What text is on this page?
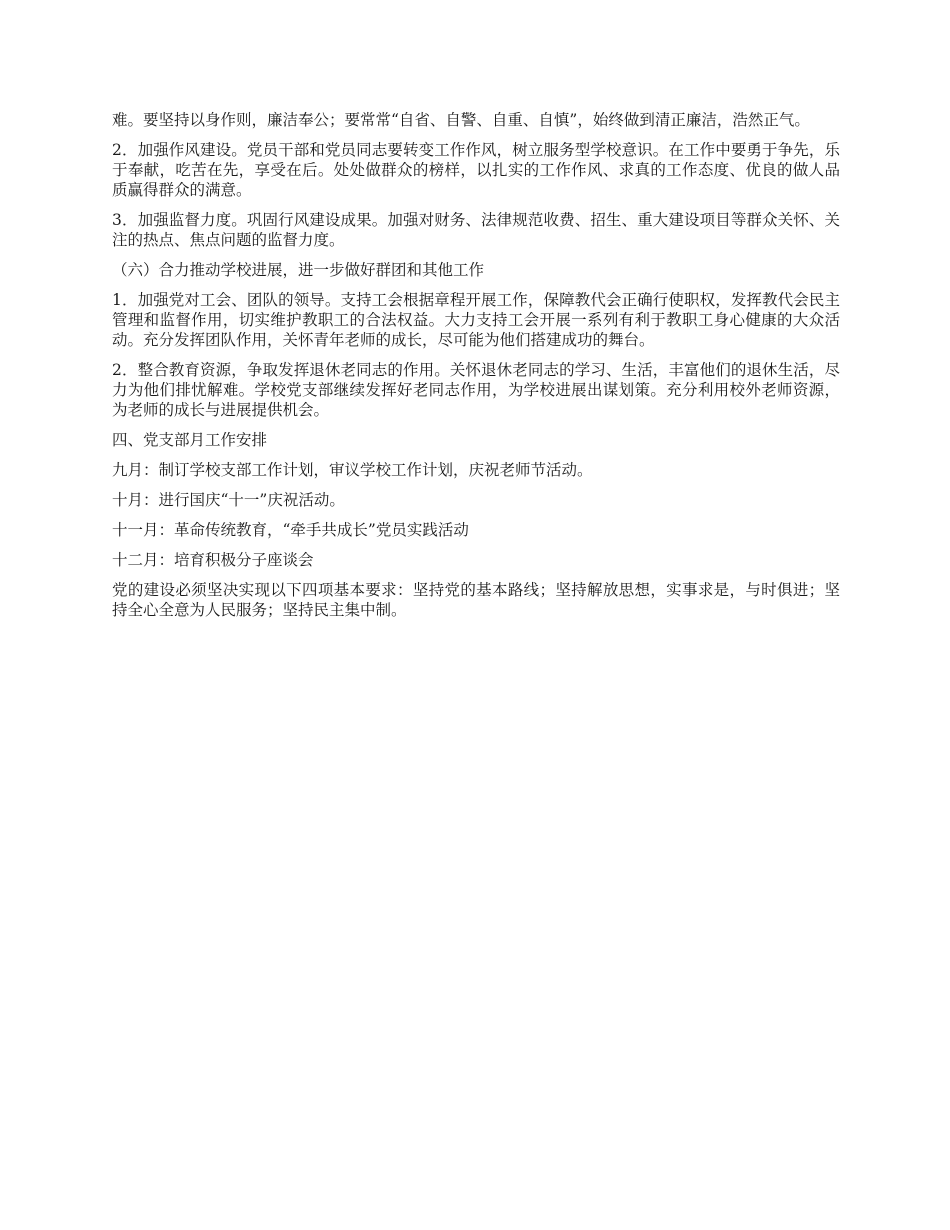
难。要坚持以身作则，廉洁奉公；要常常“自省、自警、自重、自慎”，始终做到清正廉洁，浩然正气。

2．加强作风建设。党员干部和党员同志要转变工作作风，树立服务型学校意识。在工作中要勇于争先，乐于奉献，吃苦在先，享受在后。处处做群众的榜样，以扎实的工作作风、求真的工作态度、优良的做人品质赢得群众的满意。

3．加强监督力度。巩固行风建设成果。加强对财务、法律规范收费、招生、重大建设项目等群众关怀、关注的热点、焦点问题的监督力度。

（六）合力推动学校进展，进一步做好群团和其他工作

1．加强党对工会、团队的领导。支持工会根据章程开展工作，保障教代会正确行使职权，发挥教代会民主管理和监督作用，切实维护教职工的合法权益。大力支持工会开展一系列有利于教职工身心健康的大众活动。充分发挥团队作用，关怀青年老师的成长，尽可能为他们搭建成功的舞台。

2．整合教育资源，争取发挥退休老同志的作用。关怀退休老同志的学习、生活，丰富他们的退休生活，尽力为他们排忧解难。学校党支部继续发挥好老同志作用，为学校进展出谋划策。充分利用校外老师资源，为老师的成长与进展提供机会。

四、党支部月工作安排

九月：制订学校支部工作计划，审议学校工作计划，庆祝老师节活动。

十月：进行国庆“十一”庆祝活动。

十一月：革命传统教育，“牵手共成长”党员实践活动

十二月：培育积极分子座谈会

党的建设必须坚决实现以下四项基本要求：坚持党的基本路线；坚持解放思想，实事求是，与时俱进；坚持全心全意为人民服务；坚持民主集中制。
